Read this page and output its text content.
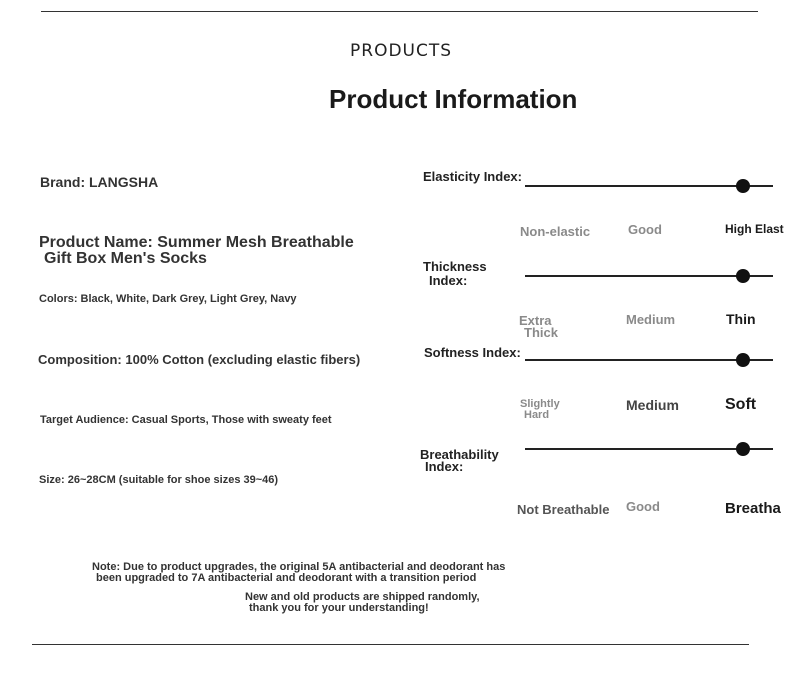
PRODUCTS
Product Information
Brand: LANGSHA
Product Name: Summer Mesh Breathable
Gift Box Men's Socks
Colors: Black, White, Dark Grey, Light Grey, Navy
Composition: 100% Cotton (excluding elastic fibers)
Target Audience: Casual Sports, Those with sweaty feet
Size: 26~28CM (suitable for shoe sizes 39~46)
Elasticity Index:
Non-elastic	Good	High Elast
Thickness
Index:
Extra
Thick
Medium	Thin
Softness Index:
Slightly
Hard
Medium	Soft
Breathability
Index:
Not Breathable Good	Breatha
Note: Due to product upgrades, the original 5A antibacterial and deodorant has
been upgraded to 7A antibacterial and deodorant with a transition period
New and old products are shipped randomly,
thank you for your understanding!
